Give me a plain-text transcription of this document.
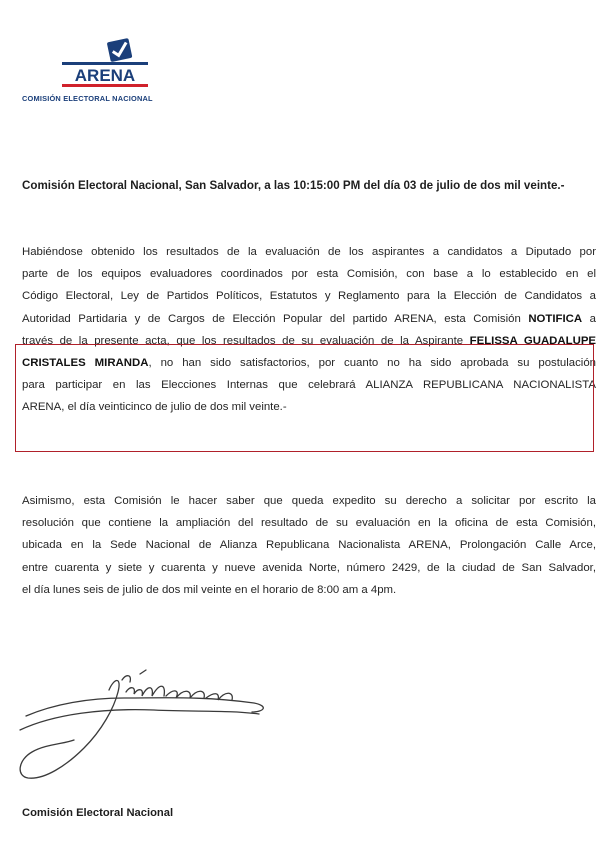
ARENA
COMISIÓN ELECTORAL NACIONAL
Comisión Electoral Nacional, San Salvador, a las 10:15:00 PM del día 03 de julio de dos mil veinte.-
Habiéndose obtenido los resultados de la evaluación de los aspirantes a candidatos a Diputado por
parte de los equipos evaluadores coordinados por esta Comisión, con base a lo establecido en el
Código Electoral, Ley de Partidos Políticos, Estatutos y Reglamento para la Elección de Candidatos a
Autoridad Partidaria y de Cargos de Elección Popular del partido ARENA, esta Comisión NOTIFICA a
través de la presente acta, que los resultados de su evaluación de la Aspirante FELISSA GUADALUPE
CRISTALES MIRANDA, no han sido satisfactorios, por cuanto no ha sido aprobada su postulación
para participar en las Elecciones Internas que celebrará ALIANZA REPUBLICANA NACIONALISTA
ARENA, el día veinticinco de julio de dos mil veinte.-
Asimismo, esta Comisión le hacer saber que queda expedito su derecho a solicitar por escrito la
resolución que contiene la ampliación del resultado de su evaluación en la oficina de esta Comisión,
ubicada en la Sede Nacional de Alianza Republicana Nacionalista ARENA, Prolongación Calle Arce,
entre cuarenta y siete y cuarenta y nueve avenida Norte, número 2429, de la ciudad de San Salvador,
el día lunes seis de julio de dos mil veinte en el horario de 8:00 am a 4pm.
Comisión Electoral Nacional
